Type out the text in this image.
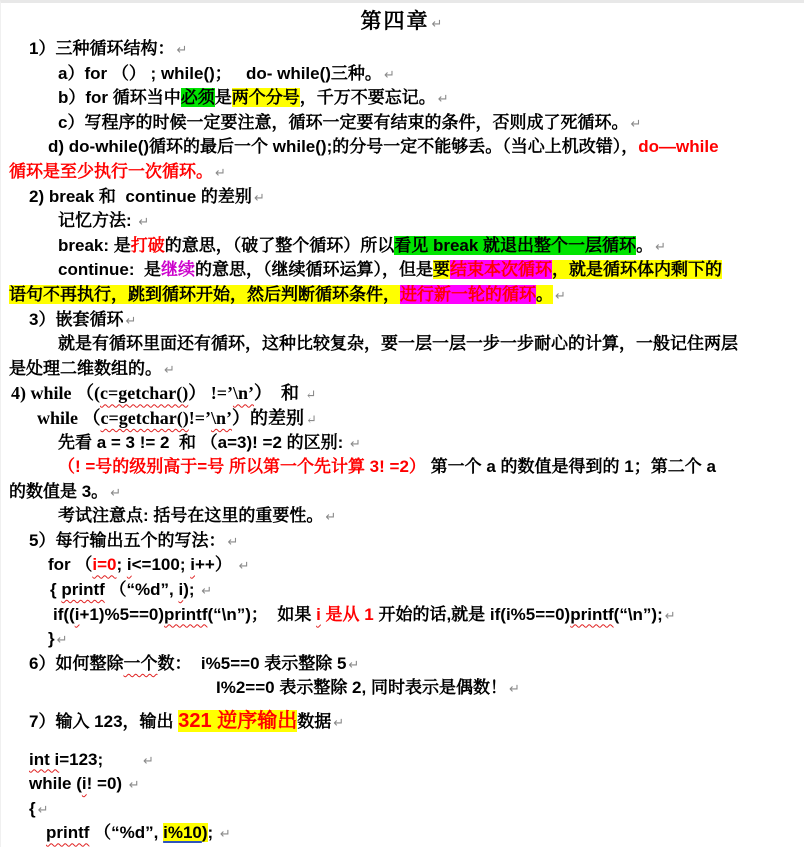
第四章 ↵
1）三种循环结构： ↵
a）for （） ; while()；   do- while()三种。 ↵
b）for 循环当中必须是两个分号，千万不要忘记。 ↵
c）写程序的时候一定要注意，循环一定要有结束的条件，否则成了死循环。 ↵
d) do-while()循环的最后一个 while();的分号一定不能够丢。（当心上机改错），do—while
循环是至少执行一次循环。 ↵
2) break 和  continue 的差别 ↵
记忆方法: ↵
break: 是打破的意思，（破了整个循环）所以看见 break 就退出整个一层循环。 ↵
continue:  是继续的意思，（继续循环运算），但是要结束本次循环，就是循环体内剩下的
语句不再执行，跳到循环开始，然后判断循环条件，进行新一轮的循环。 ↵
3）嵌套循环 ↵
就是有循环里面还有循环，这种比较复杂，要一层一层一步一步耐心的计算，一般记住两层
是处理二维数组的。 ↵
4) while （(c=getchar()） !=’\n’）  和 ↵
while （c=getchar()!=’\n’）的差别 ↵
先看 a = 3 != 2  和 （a=3)! =2 的区别: ↵
（! =号的级别高于=号 所以第一个先计算 3! =2） 第一个 a 的数值是得到的 1；第二个 a
的数值是 3。 ↵
考试注意点: 括号在这里的重要性。 ↵
5）每行输出五个的写法： ↵
for （i=0; i<=100; i++） ↵
{ printf （“%d”, i); ↵
if((i+1)%5==0)printf(“\n”)；  如果 i 是从 1 开始的话,就是 if(i%5==0)printf(“\n”); ↵
} ↵
6）如何整除一个数：  i%5==0 表示整除 5 ↵
I%2==0 表示整除 2, 同时表示是偶数！ ↵
7）输入 123，输出 321 逆序输出数据 ↵
int i=123;        ↵
while (i! =0) ↵
{ ↵
printf （“%d”, i%10); ↵
